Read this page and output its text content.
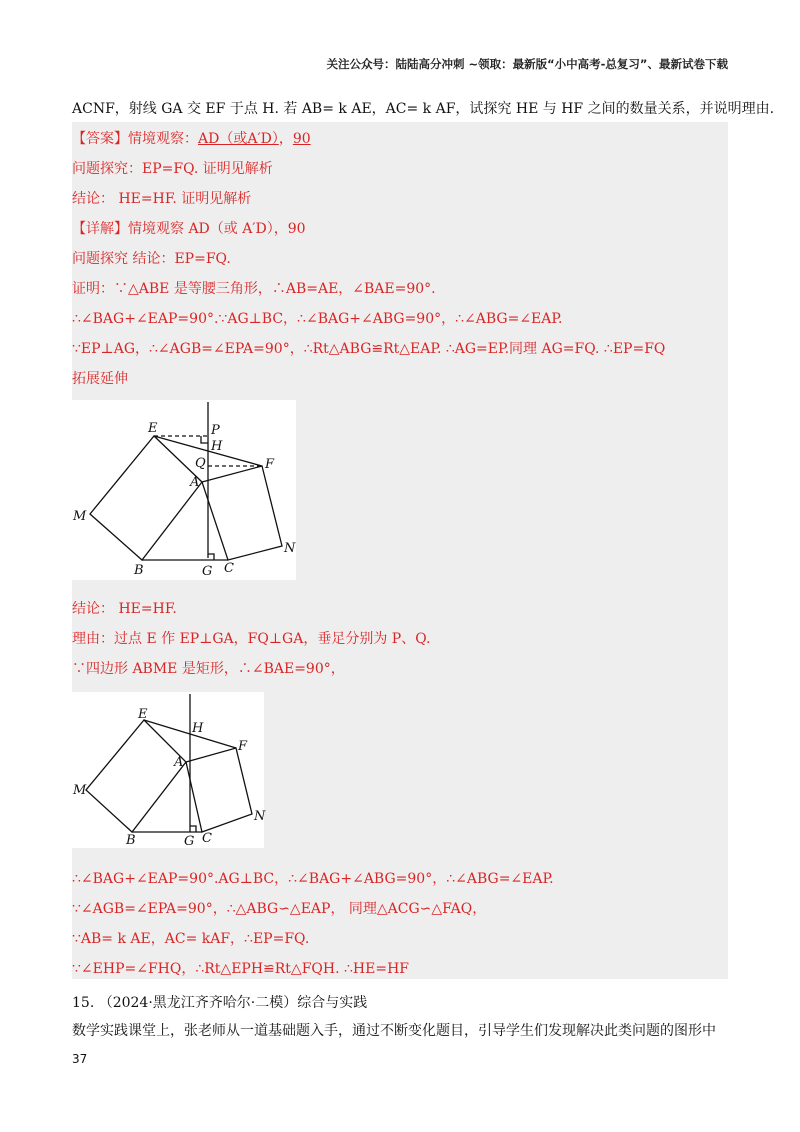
关注公众号：陆陆高分冲刺 ~领取：最新版“小中高考-总复习”、最新试卷下载
ACNF，射线 GA 交 EF 于点 H. 若 AB= k AE，AC= k AF，试探究 HE 与 HF 之间的数量关系，并说明理由.
【答案】情境观察：AD（或A′D），90
问题探究：EP=FQ. 证明见解析
结论： HE=HF. 证明见解析
【详解】情境观察 AD（或 A′D），90
问题探究 结论：EP=FQ.
证明：∵△ABE 是等腰三角形，∴AB=AE，∠BAE=90°.
∴∠BAG+∠EAP=90°.∵AG⊥BC，∴∠BAG+∠ABG=90°，∴∠ABG=∠EAP.
∵EP⊥AG，∴∠AGB=∠EPA=90°，∴Rt△ABG≌Rt△EAP. ∴AG=EP.同理 AG=FQ. ∴EP=FQ
拓展延伸
E	P
H
Q	F
A
M
N
B	G C
结论： HE=HF.
理由：过点 E 作 EP⊥GA，FQ⊥GA，垂足分别为 P、Q.
∵四边形 ABME 是矩形，∴∠BAE=90°，
E
H
F
A
M
N
B	G C
∴∠BAG+∠EAP=90°.AG⊥BC，∴∠BAG+∠ABG=90°，∴∠ABG=∠EAP.
∵∠AGB=∠EPA=90°，∴△ABG∽△EAP， 同理△ACG∽△FAQ，
∵AB= k AE，AC= kAF，∴EP=FQ.
∵∠EHP=∠FHQ，∴Rt△EPH≌Rt△FQH. ∴HE=HF
15. （2024·黑龙江齐齐哈尔·二模）综合与实践
数学实践课堂上，张老师从一道基础题入手，通过不断变化题目，引导学生们发现解决此类问题的图形中
37
